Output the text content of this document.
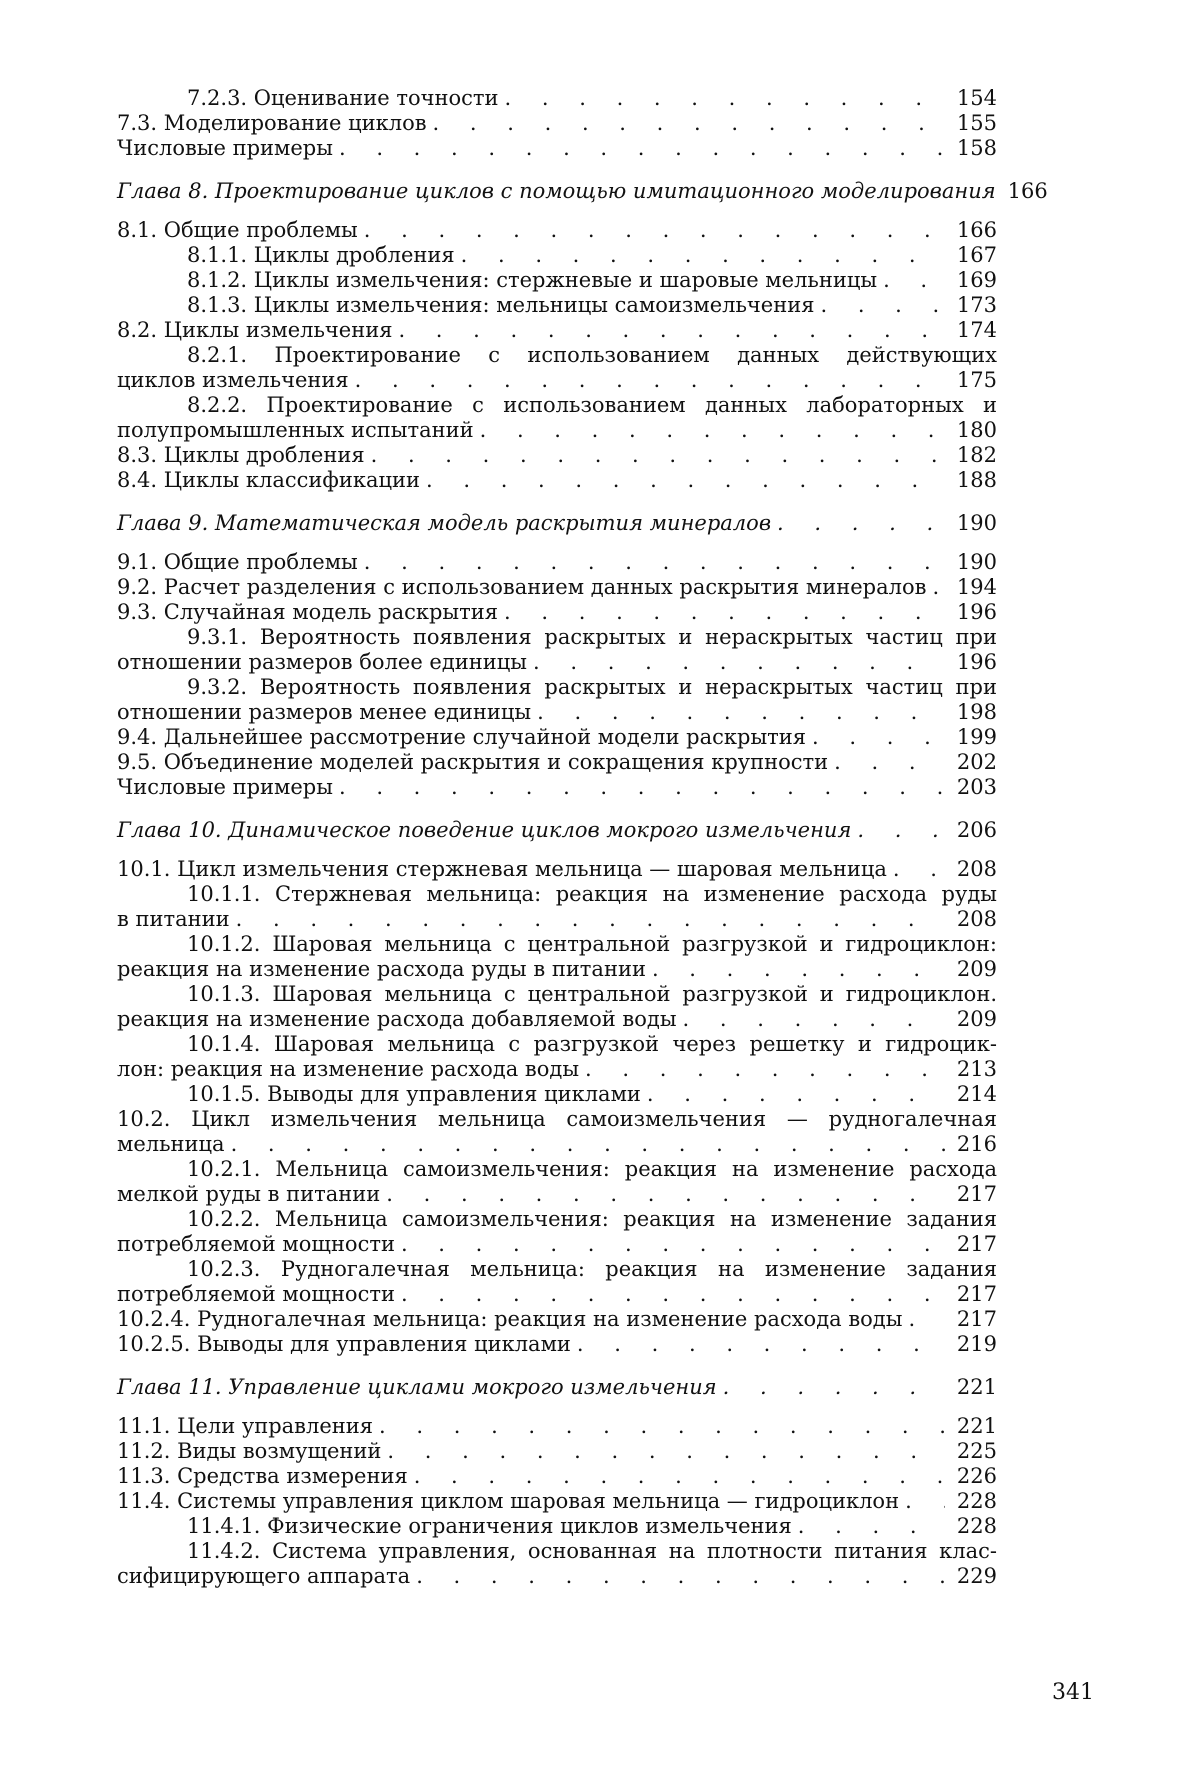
7.2.3. Оценивание точности
. . .	154
7.3. Моделирование циклов
. . .	155
Числовые примеры
. . .	158
Глава 8. Проектирование циклов с помощью имитационного моделирования 166
8.1. Общие проблемы
. . .	166
8.1.1. Циклы дробления
. . .	167
8.1.2. Циклы измельчения: стержневые и шаровые мельницы
. . .	169
8.1.3. Циклы измельчения: мельницы самоизмельчения
. . .	173
8.2. Циклы измельчения
. . .	174
8.2.1. Проектирование с использованием данных действующих
циклов измельчения
. . .	175
8.2.2. Проектирование с использованием данных лабораторных и
полупромышленных испытаний
. . .	180
8.3. Циклы дробления
. . .	182
8.4. Циклы классификации
. . .	188
Глава 9. Математическая модель раскрытия минералов
. . .	190
9.1. Общие проблемы
. . .	190
9.2. Расчет разделения с использованием данных раскрытия минералов
. . . 194
9.3. Случайная модель раскрытия
. . .	196
9.3.1. Вероятность появления раскрытых и нераскрытых частиц при
отношении размеров более единицы
. . .	196
9.3.2. Вероятность появления раскрытых и нераскрытых частиц при
отношении размеров менее единицы
. . .	198
9.4. Дальнейшее рассмотрение случайной модели раскрытия
. . .	199
9.5. Объединение моделей раскрытия и сокращения крупности
. . .	202
Числовые примеры
. . .	203
Глава 10. Динамическое поведение циклов мокрого измельчения
. . .	206
10.1. Цикл измельчения стержневая мельница — шаровая мельница
. . .	208
10.1.1. Стержневая мельница: реакция на изменение расхода руды
в питании
. . .	208
10.1.2. Шаровая мельница с центральной разгрузкой и гидроциклон:
реакция на изменение расхода руды в питании
. . .	209
10.1.3. Шаровая мельница с центральной разгрузкой и гидроциклон.
реакция на изменение расхода добавляемой воды
. . .	209
10.1.4. Шаровая мельница с разгрузкой через решетку и гидроцик-
лон: реакция на изменение расхода воды
. . .	213
10.1.5. Выводы для управления циклами
. . .	214
10.2. Цикл измельчения мельница самоизмельчения — рудногалечная
мельница
. . .	216
10.2.1. Мельница самоизмельчения: реакция на изменение расхода
мелкой руды в питании
. . .	217
10.2.2. Мельница самоизмельчения: реакция на изменение задания
потребляемой мощности
. . .	217
10.2.3. Рудногалечная мельница: реакция на изменение задания
потребляемой мощности
. . .	217
10.2.4. Рудногалечная мельница: реакция на изменение расхода воды
. . .	217
10.2.5. Выводы для управления циклами
. . .	219
Глава 11. Управление циклами мокрого измельчения
. . .	221
11.1. Цели управления
. . .	221
11.2. Виды возмущений
. . .	225
11.3. Средства измерения
. . .	226
11.4. Системы управления циклом шаровая мельница — гидроциклон
. . .	228
11.4.1. Физические ограничения циклов измельчения
. . .	228
11.4.2. Система управления, основанная на плотности питания клас-
сифицирующего аппарата
. . .	229
341
